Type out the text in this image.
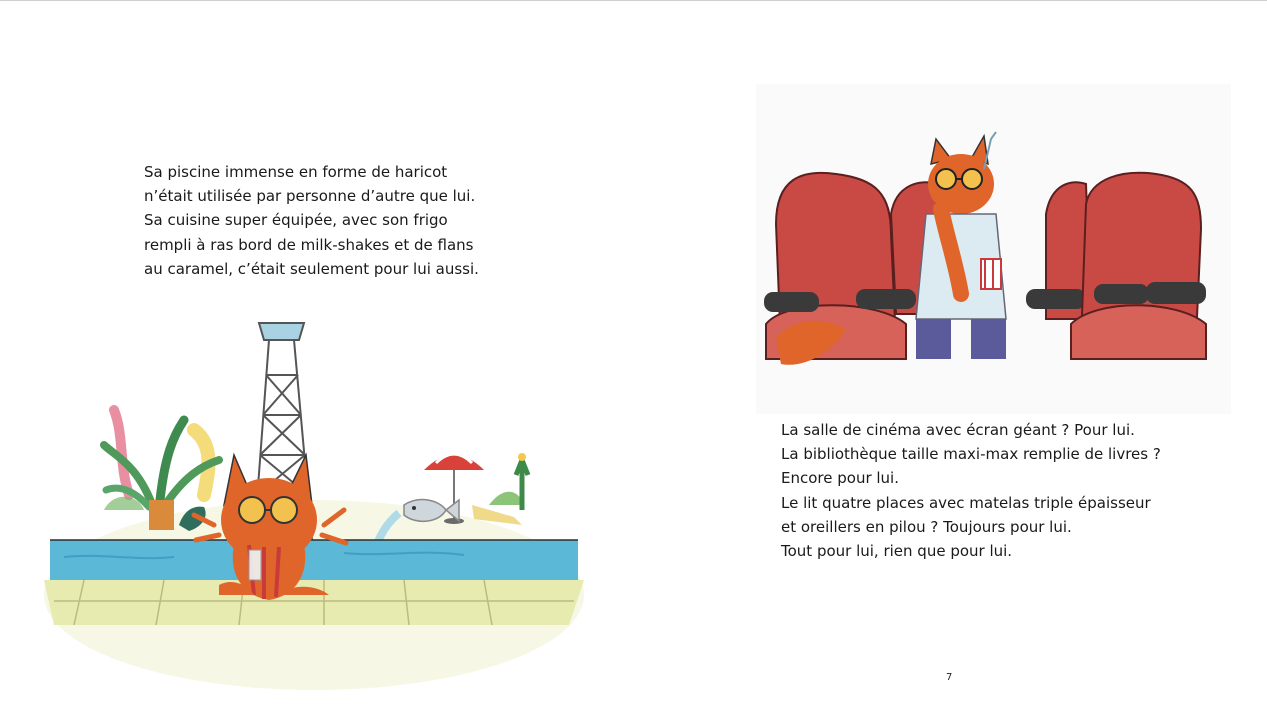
Sa piscine immense en forme de haricot
n’était utilisée par personne d’autre que lui.
Sa cuisine super équipée, avec son frigo
rempli à ras bord de milk-shakes et de flans
au caramel, c’était seulement pour lui aussi.
La salle de cinéma avec écran géant ? Pour lui.
La bibliothèque taille maxi-max remplie de livres ?
Encore pour lui.
Le lit quatre places avec matelas triple épaisseur
et oreillers en pilou ? Toujours pour lui.
Tout pour lui, rien que pour lui.
7
